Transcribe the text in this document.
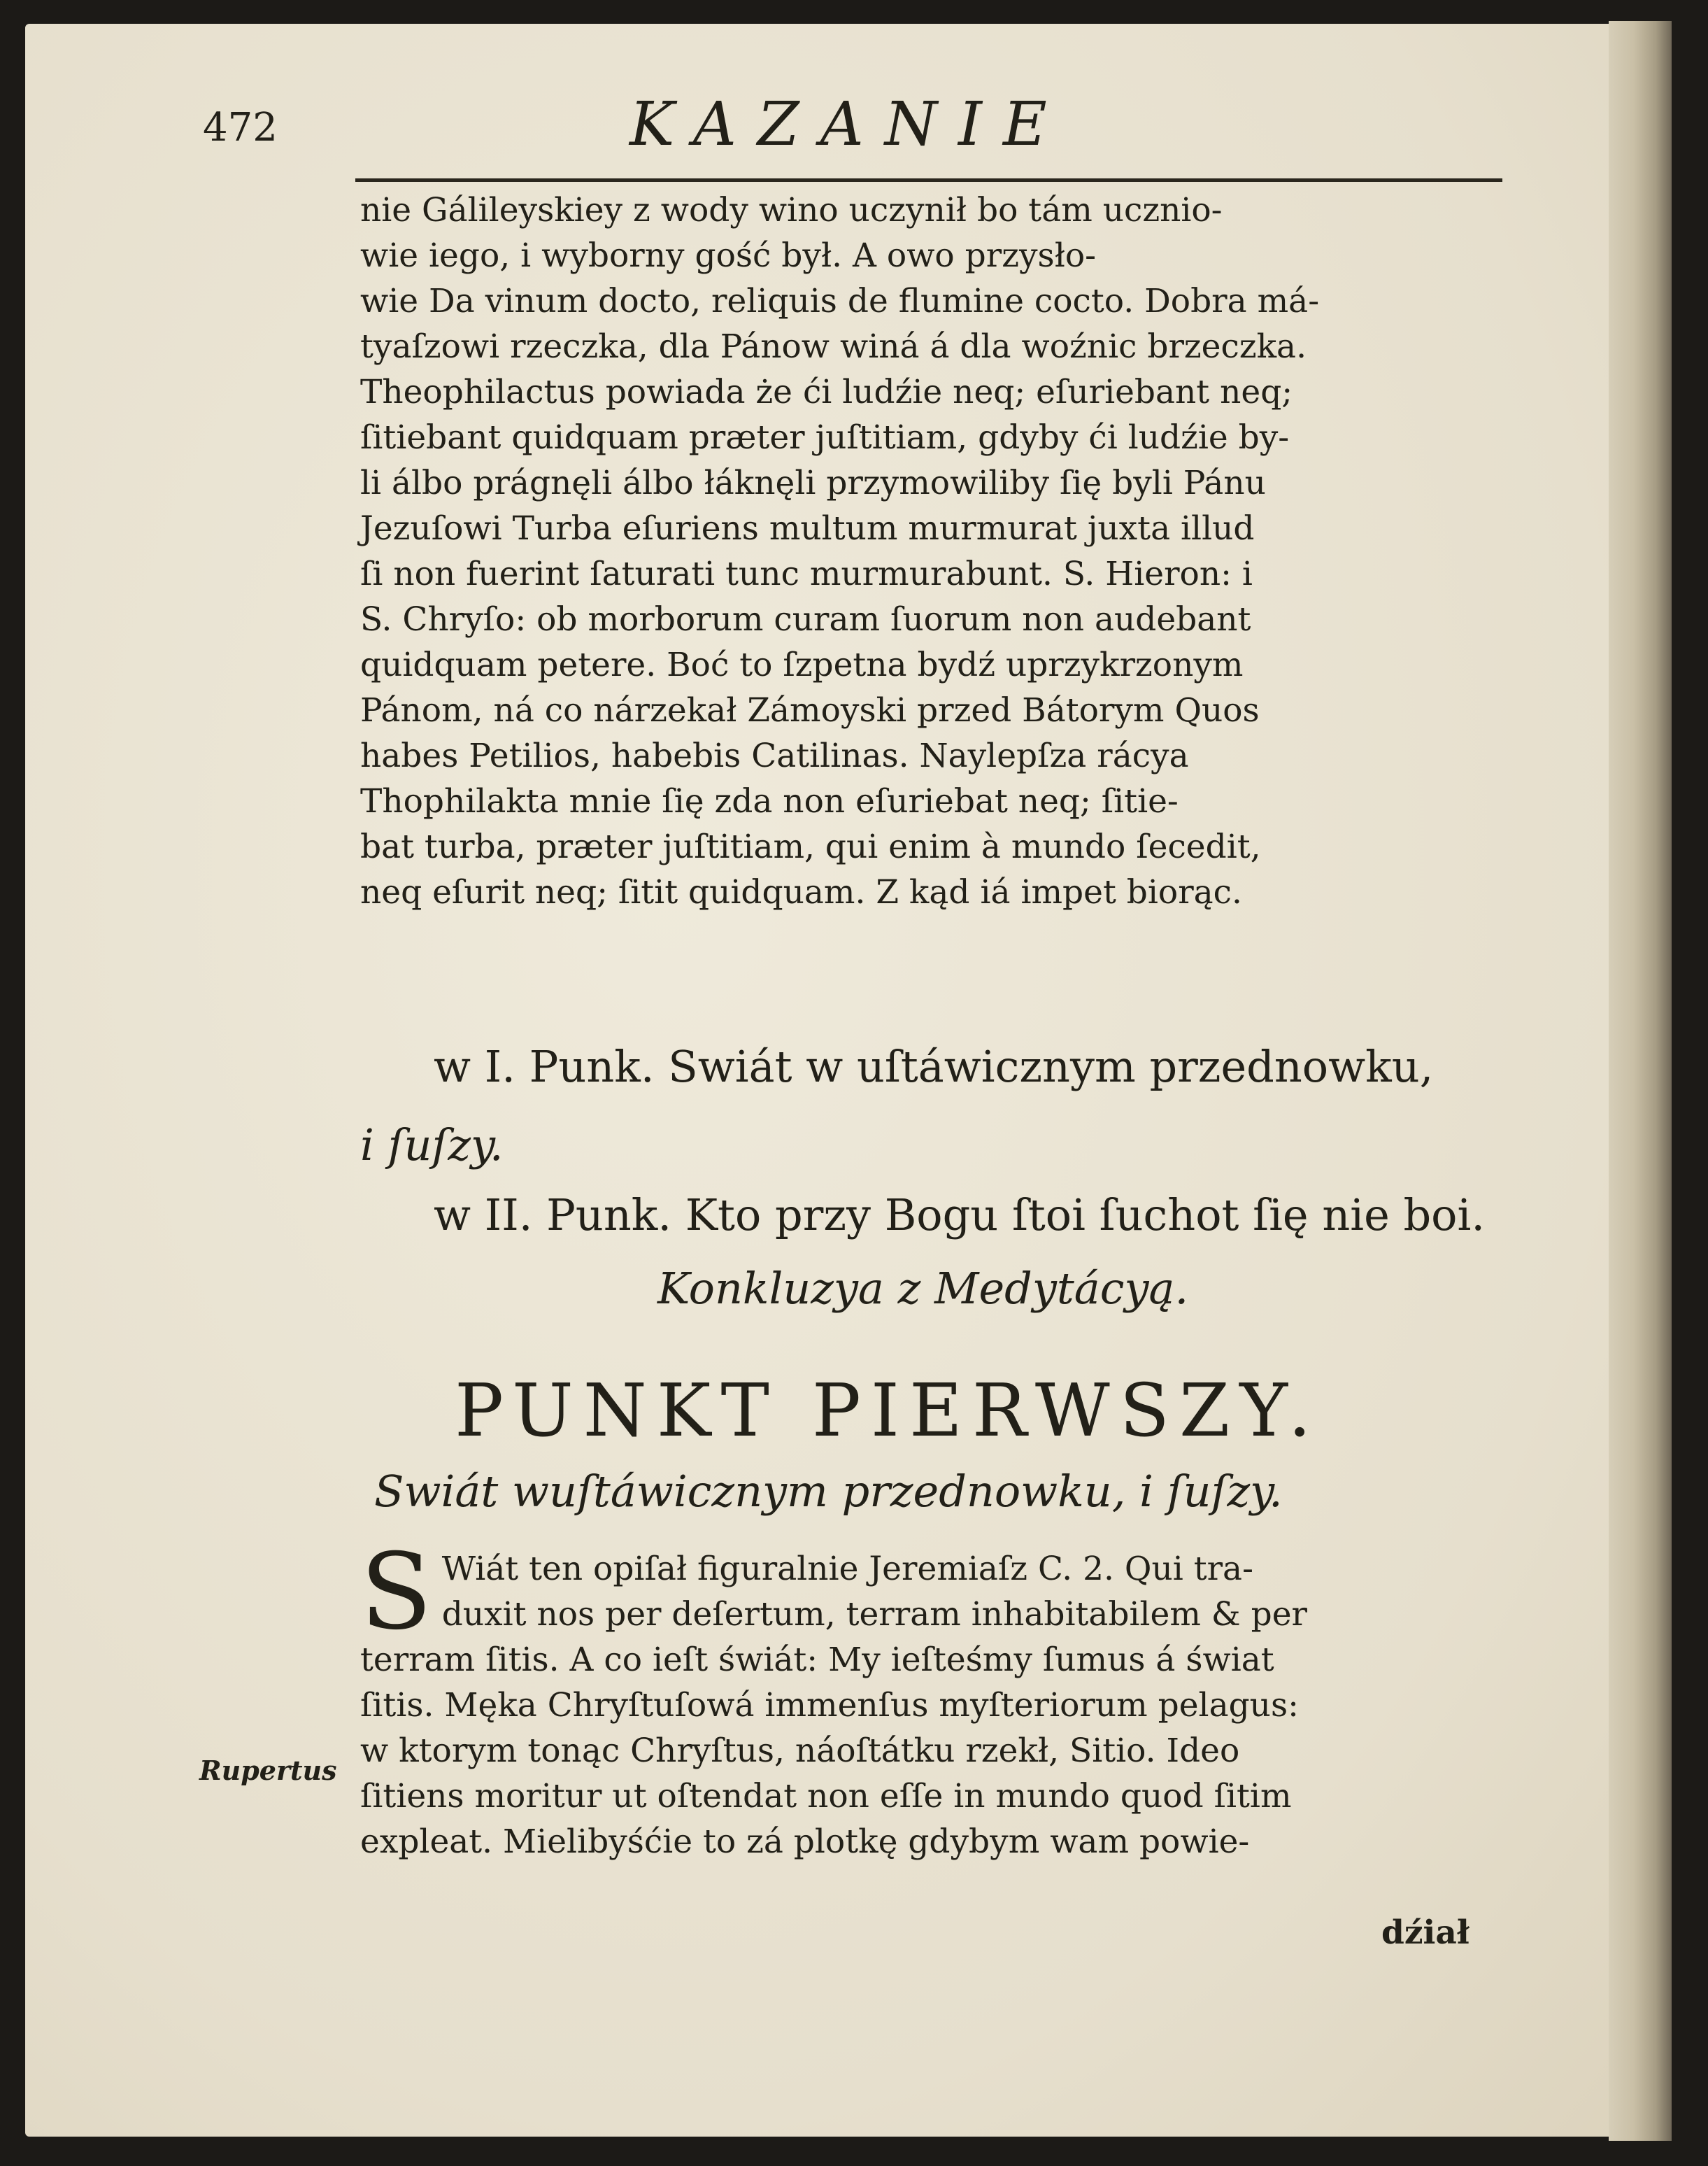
472	KAZANIE
nie Gálileyskiey z wody wino uczynił bo tám ucznio-
wie iego, i wyborny gość był. A owo przysło-
wie Da vinum docto, reliquis de flumine cocto. Dobra má-
tyaſzowi rzeczka, dla Pánow winá á dla woźnic brzeczka.
Theophilactus powiada że ći ludźie neq; eſuriebant neq;
ſitiebant quidquam præter juſtitiam, gdyby ći ludźie by-
li álbo prágnęli álbo łáknęli przymowiliby ſię byli Pánu
Jezuſowi Turba eſuriens multum murmurat juxta illud
ſi non fuerint ſaturati tunc murmurabunt. S. Hieron: i
S. Chryſo: ob morborum curam ſuorum non audebant
quidquam petere. Boć to ſzpetna bydź uprzykrzonym
Pánom, ná co nárzekał Zámoyski przed Bátorym Quos
habes Petilios, habebis Catilinas. Naylepſza rácya
Thophilakta mnie ſię zda non eſuriebat neq; ſitie-
bat turba, præter juſtitiam, qui enim à mundo ſecedit,
neq eſurit neq; ſitit quidquam. Z kąd iá impet biorąc.
w I. Punk. Swiát w uſtáwicznym przednowku,
i ſuſzy.
w II. Punk. Kto przy Bogu ſtoi ſuchot ſię nie boi.
Konkluzya z Medytácyą.
PUNKT PIERWSZY.
Swiát wuſtáwicznym przednowku, i ſuſzy.
S Wiát ten opiſał figuralnie Jeremiaſz C. 2. Qui tra-
duxit nos per deſertum, terram inhabitabilem & per
terram ſitis. A co ieſt świát: My ieſteśmy ſumus á świat
ſitis. Męka Chryſtuſowá immenſus myſteriorum pelagus:
w ktorym tonąc Chryſtus, náoſtátku rzekł, Sitio. Ideo
ſitiens moritur ut oſtendat non eſſe in mundo quod ſitim
expleat. Mielibyśćie to zá plotkę gdybym wam powie-
Rupertus
dźiał
